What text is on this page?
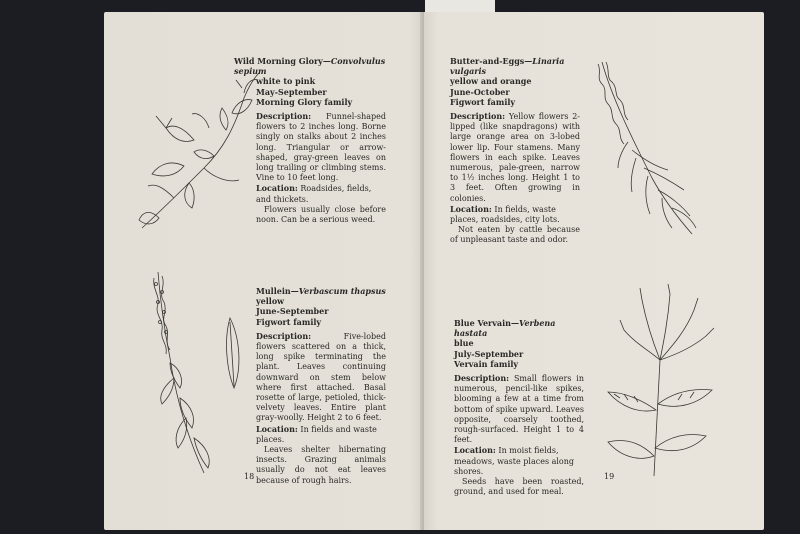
Wild Morning Glory—Convolvulus sepium

white to pink

May-September

Morning Glory family

Description: Funnel-shaped flowers to 2 inches long. Borne singly on stalks about 2 inches long. Triangular or arrow-shaped, gray-green leaves on long trailing or climbing stems. Vine to 10 feet long.

Location: Roadsides, fields, and thickets.

Flowers usually close before noon. Can be a serious weed.

Mullein—Verbascum thapsus

yellow

June-September

Figwort family

Description:	Five-lobed flowers scattered on a thick, long spike terminating the plant. Leaves continuing downward on stem below where first attached. Basal rosette of large, petioled, thick-velvety leaves. Entire plant gray-woolly. Height 2 to 6 feet.

Location: In fields and waste places.

Leaves shelter hibernating insects. Grazing animals usually do not eat leaves because of rough hairs.

18

Butter-and-Eggs—Linaria vulgaris

yellow and orange

June-October

Figwort family

Description: Yellow flowers 2-lipped (like snapdragons) with large orange area on 3-lobed lower lip. Four stamens. Many flowers in each spike. Leaves numerous, pale-green, narrow to 1½ inches long. Height 1 to 3 feet. Often growing in colonies.

Location: In fields, waste places, roadsides, city lots.

Not eaten by cattle because of unpleasant taste and odor.

Blue Vervain—Verbena hastata

blue

July-September

Vervain family

Description: Small flowers in numerous, pencil-like spikes, blooming a few at a time from bottom of spike upward. Leaves opposite, coarsely toothed, rough-surfaced. Height 1 to 4 feet.

Location: In moist fields, meadows, waste places along shores.

Seeds have been roasted, ground, and used for meal.

19
